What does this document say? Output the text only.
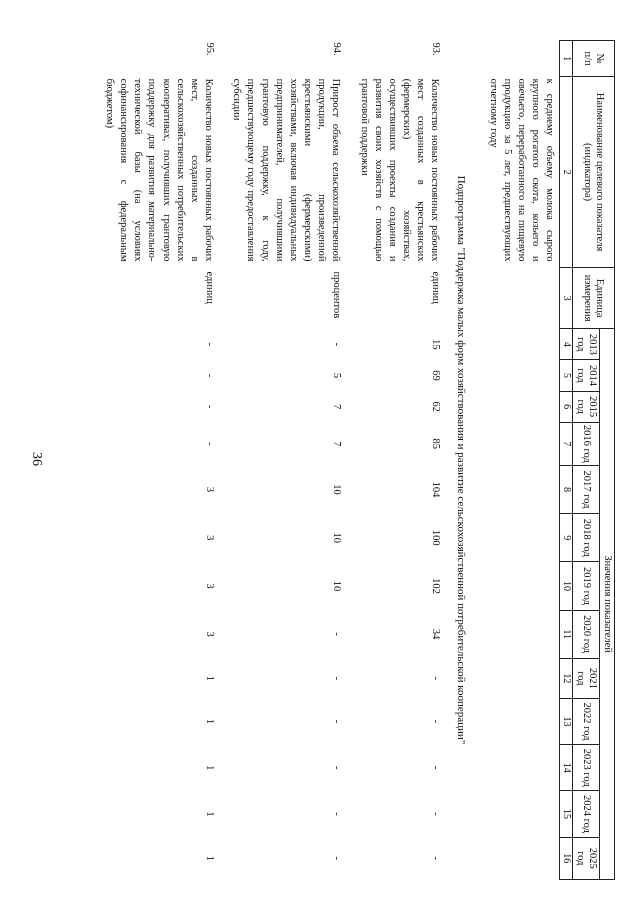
36
№
п/п	Наименование целевого показателя (индикатора)	Единица измерения	Значения показателей												
			2013 год	2014 год	2015 год	2016 год	2017 год	2018 год	2019 год	2020 год	2021 год	2022 год	2023 год	2024 год	2025 год
1	2	3	4	5	6	7	8	9	10	11	12	13	14	15	16
	к среднему объему молока сырого крупного рогатого скота, козьего и овечьего, переработанного на пищевую продукцию за 5 лет, предшествующих отчетному году														
Подпрограмма "Поддержка малых форм хозяйствования и развитие сельскохозяйственной потребительской кооперации"															
93.	Количество новых постоянных рабочих мест созданных в крестьянских (фермерских) хозяйствах, осуществивших проекты создания и развития своих хозяйств с помощью грантовой поддержки	единиц	15	69	62	85	104	100	102	34	-	-	-	-	-
94.	Прирост объема сельскохозяйственной продукции, произведенной крестьянскими (фермерскими) хозяйствами, включая индивидуальных предпринимателей, получившими грантовую поддержку, к году, предшествующему году предоставления субсидии	процентов	-	5	7	7	10	10	10	-	-	-	-	-	-
95.	Количество новых постоянных рабочих мест, созданных в сельскохозяйственных потребительских кооперативах, получивших грантовую поддержку для развития материально-технической базы (на условиях софинансирования с федеральным бюджетом)	единиц	-	-	-	-	3	3	3	3	1	1	1	1	1
